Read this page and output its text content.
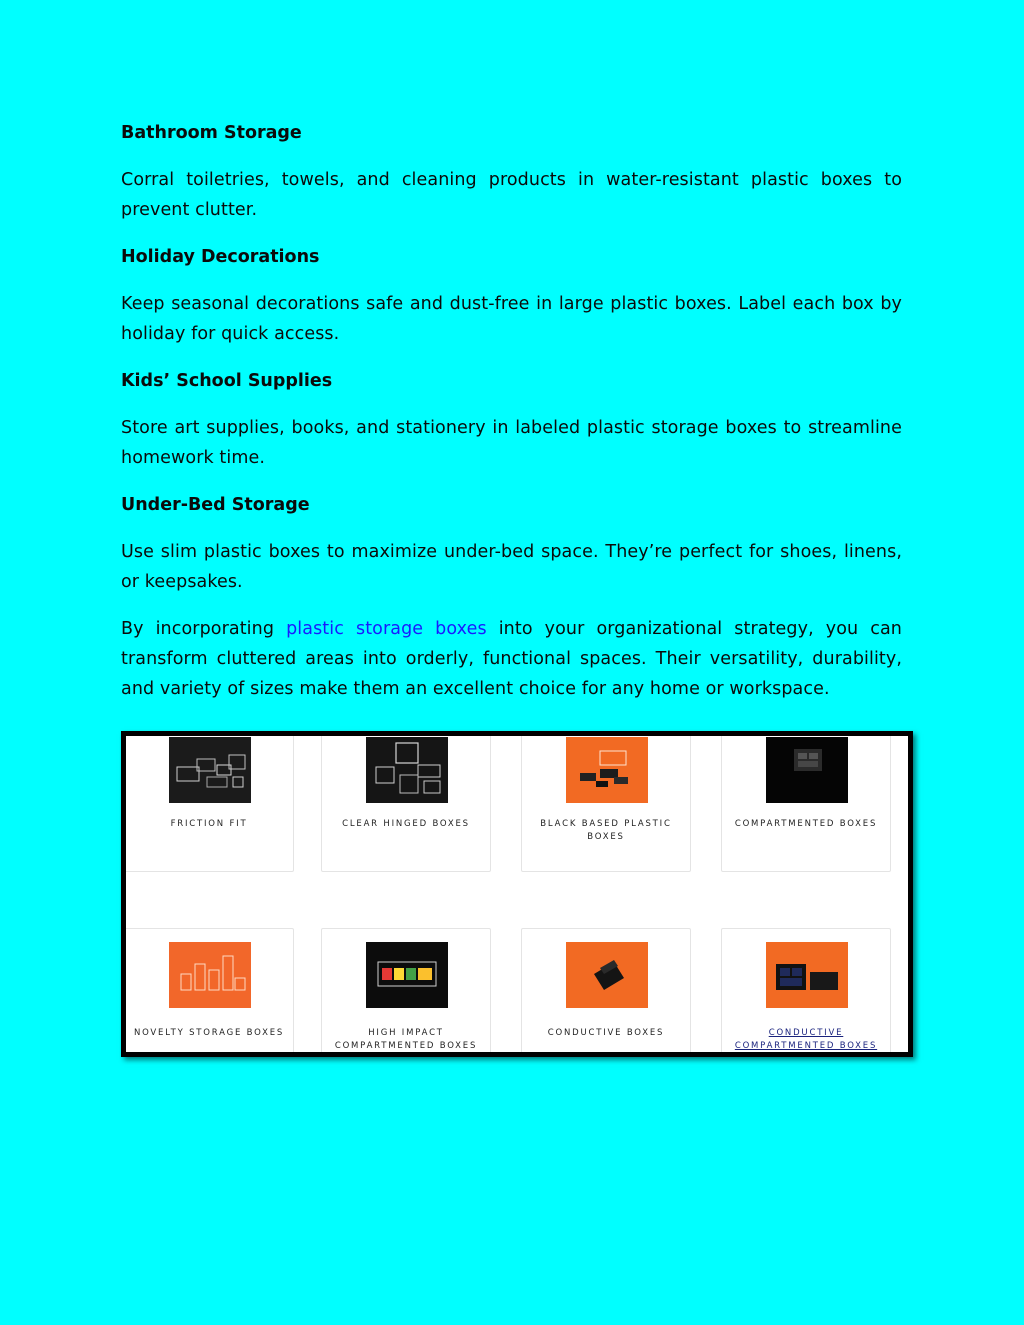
Bathroom Storage

Corral toiletries, towels, and cleaning products in water-resistant plastic boxes to prevent clutter.

Holiday Decorations

Keep seasonal decorations safe and dust-free in large plastic boxes. Label each box by holiday for quick access.

Kids’ School Supplies

Store art supplies, books, and stationery in labeled plastic storage boxes to streamline homework time.

Under-Bed Storage

Use slim plastic boxes to maximize under-bed space. They’re perfect for shoes, linens, or keepsakes.

By incorporating plastic storage boxes into your organizational strategy, you can transform cluttered areas into orderly, functional spaces. Their versatility, durability, and variety of sizes make them an excellent choice for any home or workspace.

FRICTION FIT	CLEAR HINGED BOXES	BLACK BASED PLASTIC BOXES
COMPARTMENTED BOXES
NOVELTY STORAGE BOXES	HIGH IMPACT COMPARTMENTED BOXES
CONDUCTIVE BOXES	CONDUCTIVE COMPARTMENTED BOXES
